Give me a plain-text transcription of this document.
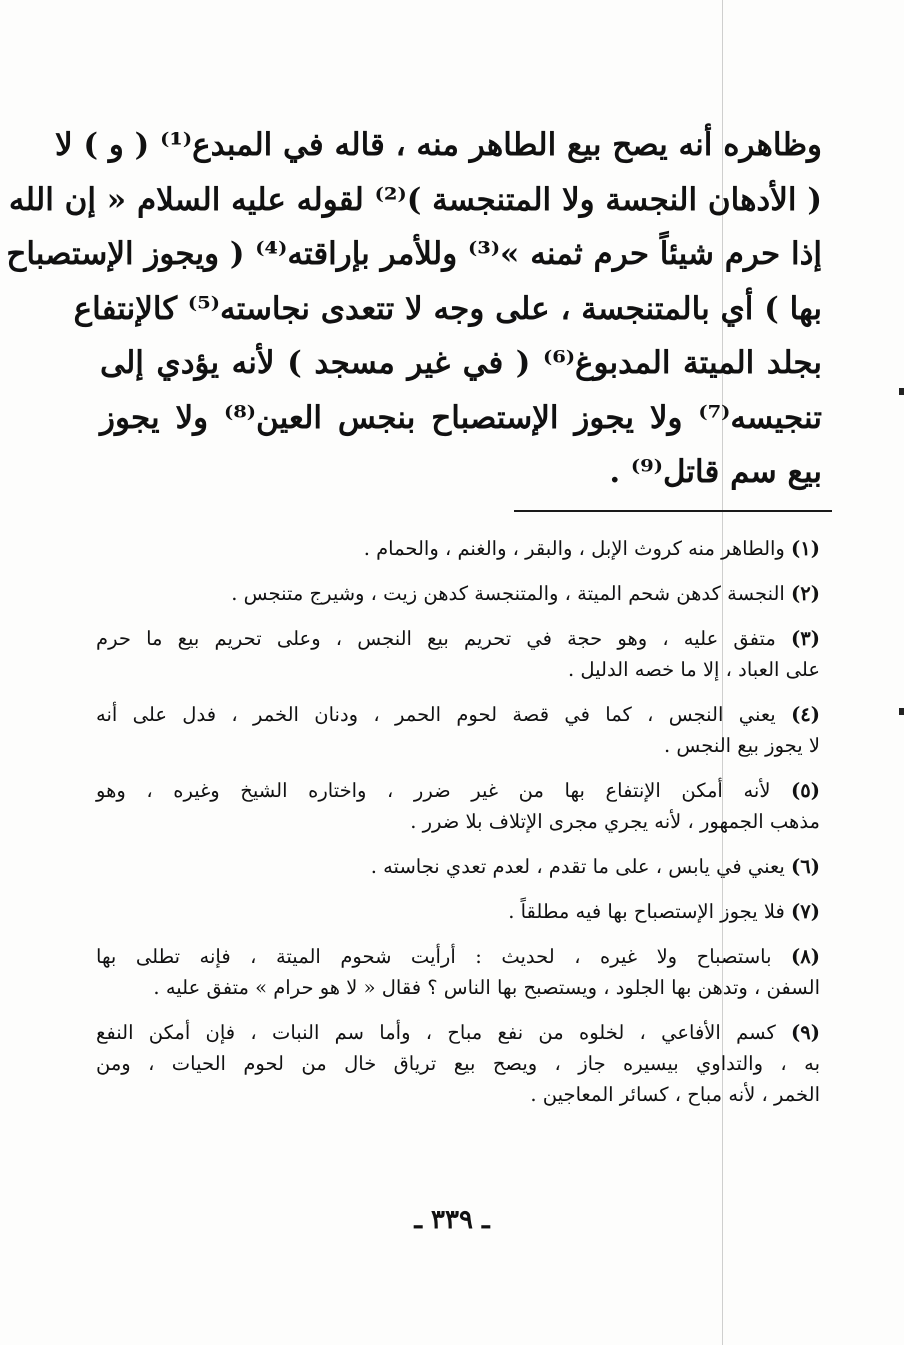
وظاهره أنه يصح بيع الطاهر منه ، قاله في المبدع⁽¹⁾ ( و ) لا
( الأدهان النجسة ولا المتنجسة )⁽²⁾ لقوله عليه السلام « إن الله
إذا حرم شيئاً حرم ثمنه »⁽³⁾ وللأمر بإراقته⁽⁴⁾ ( ويجوز الإستصباح
بها ) أي بالمتنجسة ، على وجه لا تتعدى نجاسته⁽⁵⁾ كالإنتفاع
بجلد الميتة المدبوغ⁽⁶⁾ ( في غير مسجد ) لأنه يؤدي إلى
تنجيسه⁽⁷⁾ ولا يجوز الإستصباح بنجس العين⁽⁸⁾ ولا يجوز
بيع سم قاتل⁽⁹⁾ .
(١) والطاهر منه كروث الإبل ، والبقر ، والغنم ، والحمام .
(٢) النجسة كدهن شحم الميتة ، والمتنجسة كدهن زيت ، وشيرج متنجس .
(٣) متفق عليه ، وهو حجة في تحريم بيع النجس ، وعلى تحريم بيع ما حرم
على العباد ، إلا ما خصه الدليل .
(٤) يعني النجس ، كما في قصة لحوم الحمر ، ودنان الخمر ، فدل على أنه
لا يجوز بيع النجس .
(٥) لأنه أمكن الإنتفاع بها من غير ضرر ، واختاره الشيخ وغيره ، وهو
مذهب الجمهور ، لأنه يجري مجرى الإتلاف بلا ضرر .
(٦) يعني في يابس ، على ما تقدم ، لعدم تعدي نجاسته .
(٧) فلا يجوز الإستصباح بها فيه مطلقاً .
(٨) باستصباح ولا غيره ، لحديث : أرأيت شحوم الميتة ، فإنه تطلى بها
السفن ، وتدهن بها الجلود ، ويستصبح بها الناس ؟ فقال « لا هو حرام » متفق عليه .
(٩) كسم الأفاعي ، لخلوه من نفع مباح ، وأما سم النبات ، فإن أمكن النفع
به ، والتداوي بيسيره جاز ، ويصح بيع ترياق خال من لحوم الحيات ، ومن
الخمر ، لأنه مباح ، كسائر المعاجين .
ـ ٣٣٩ ـ
